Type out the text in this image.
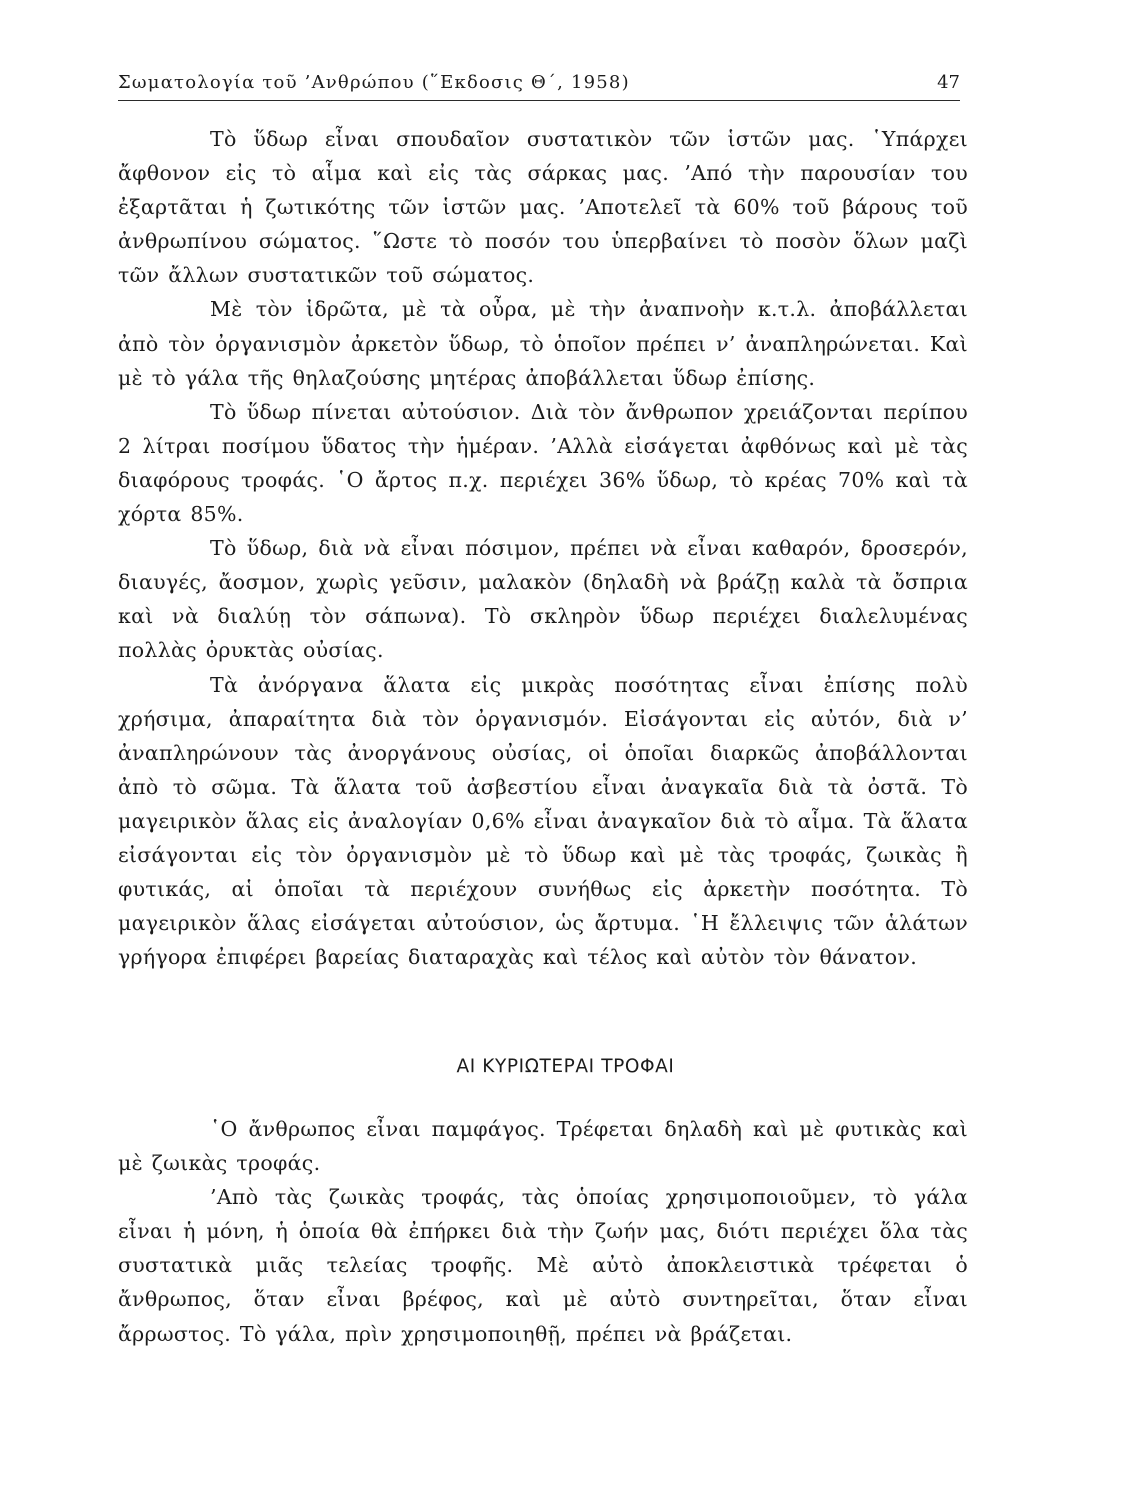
Σωματολογία τοῦ ’Ανθρώπου (῞Εκδοσις Θ΄, 1958)	47

Τὸ ὕδωρ εἶναι σπουδαῖον συστατικὸν τῶν ἱστῶν μας. ῾Υπάρχει ἄφθονον εἰς τὸ αἷμα καὶ εἰς τὰς σάρκας μας. ’Από τὴν παρουσίαν του ἐξαρτᾶται ἡ ζωτικότης τῶν ἱστῶν μας. ’Αποτελεῖ τὰ 60% τοῦ βάρους τοῦ ἀνθρωπίνου σώματος. ῞Ωστε τὸ ποσόν του ὑπερβαίνει τὸ ποσὸν ὅλων μαζὶ τῶν ἄλλων συστατικῶν τοῦ σώματος.

Μὲ τὸν ἱδρῶτα, μὲ τὰ οὖρα, μὲ τὴν ἀναπνοὴν κ.τ.λ. ἀποβάλλεται ἀπὸ τὸν ὀργανισμὸν ἀρκετὸν ὕδωρ, τὸ ὁποῖον πρέπει ν’ ἀναπληρώνεται. Καὶ μὲ τὸ γάλα τῆς θηλαζούσης μητέρας ἀποβάλλεται ὕδωρ ἐπίσης.

Τὸ ὕδωρ πίνεται αὐτούσιον. Διὰ τὸν ἄνθρωπον χρειάζονται περίπου 2 λίτραι ποσίμου ὕδατος τὴν ἡμέραν. ’Αλλὰ εἰσάγεται ἀφθόνως καὶ μὲ τὰς διαφόρους τροφάς. ῾Ο ἄρτος π.χ. περιέχει 36% ὕδωρ, τὸ κρέας 70% καὶ τὰ χόρτα 85%.

Τὸ ὕδωρ, διὰ νὰ εἶναι πόσιμον, πρέπει νὰ εἶναι καθαρόν, δροσερόν, διαυγές, ἄοσμον, χωρὶς γεῦσιν, μαλακὸν (δηλαδὴ νὰ βράζῃ καλὰ τὰ ὄσπρια καὶ νὰ διαλύῃ τὸν σάπωνα). Τὸ σκληρὸν ὕδωρ περιέχει διαλελυμένας πολλὰς ὀρυκτὰς οὐσίας.

Τὰ ἀνόργανα ἅλατα εἰς μικρὰς ποσότητας εἶναι ἐπίσης πολὺ χρήσιμα, ἀπαραίτητα διὰ τὸν ὀργανισμόν. Εἰσάγονται εἰς αὐτόν, διὰ ν’ ἀναπληρώνουν τὰς ἀνοργάνους οὐσίας, οἱ ὁποῖαι διαρκῶς ἀποβάλλονται ἀπὸ τὸ σῶμα. Τὰ ἅλατα τοῦ ἀσβεστίου εἶναι ἀναγκαῖα διὰ τὰ ὀστᾶ. Τὸ μαγειρικὸν ἅλας εἰς ἀναλογίαν 0,6% εἶναι ἀναγκαῖον διὰ τὸ αἷμα. Τὰ ἅλατα εἰσάγονται εἰς τὸν ὀργανισμὸν μὲ τὸ ὕδωρ καὶ μὲ τὰς τροφάς, ζωικὰς ἢ φυτικάς, αἱ ὁποῖαι τὰ περιέχουν συνήθως εἰς ἀρκετὴν ποσότητα. Τὸ μαγειρικὸν ἅλας εἰσάγεται αὐτούσιον, ὡς ἄρτυμα. ῾Η ἔλλειψις τῶν ἁλάτων γρήγορα ἐπιφέρει βαρείας διαταραχὰς καὶ τέλος καὶ αὐτὸν τὸν θάνατον.

ΑΙ ΚΥΡΙΩΤΕΡΑΙ ΤΡΟΦΑΙ

῾Ο ἄνθρωπος εἶναι παμφάγος. Τρέφεται δηλαδὴ καὶ μὲ φυτικὰς καὶ μὲ ζωικὰς τροφάς.

’Απὸ τὰς ζωικὰς τροφάς, τὰς ὁποίας χρησιμοποιοῦμεν, τὸ γάλα εἶναι ἡ μόνη, ἡ ὁποία θὰ ἐπήρκει διὰ τὴν ζωήν μας, διότι περιέχει ὅλα τὰς συστατικὰ μιᾶς τελείας τροφῆς. Μὲ αὐτὸ ἀποκλειστικὰ τρέφεται ὁ ἄνθρωπος, ὅταν εἶναι βρέφος, καὶ μὲ αὐτὸ συντηρεῖται, ὅταν εἶναι ἄρρωστος. Τὸ γάλα, πρὶν χρησιμοποιηθῇ, πρέπει νὰ βράζεται.
